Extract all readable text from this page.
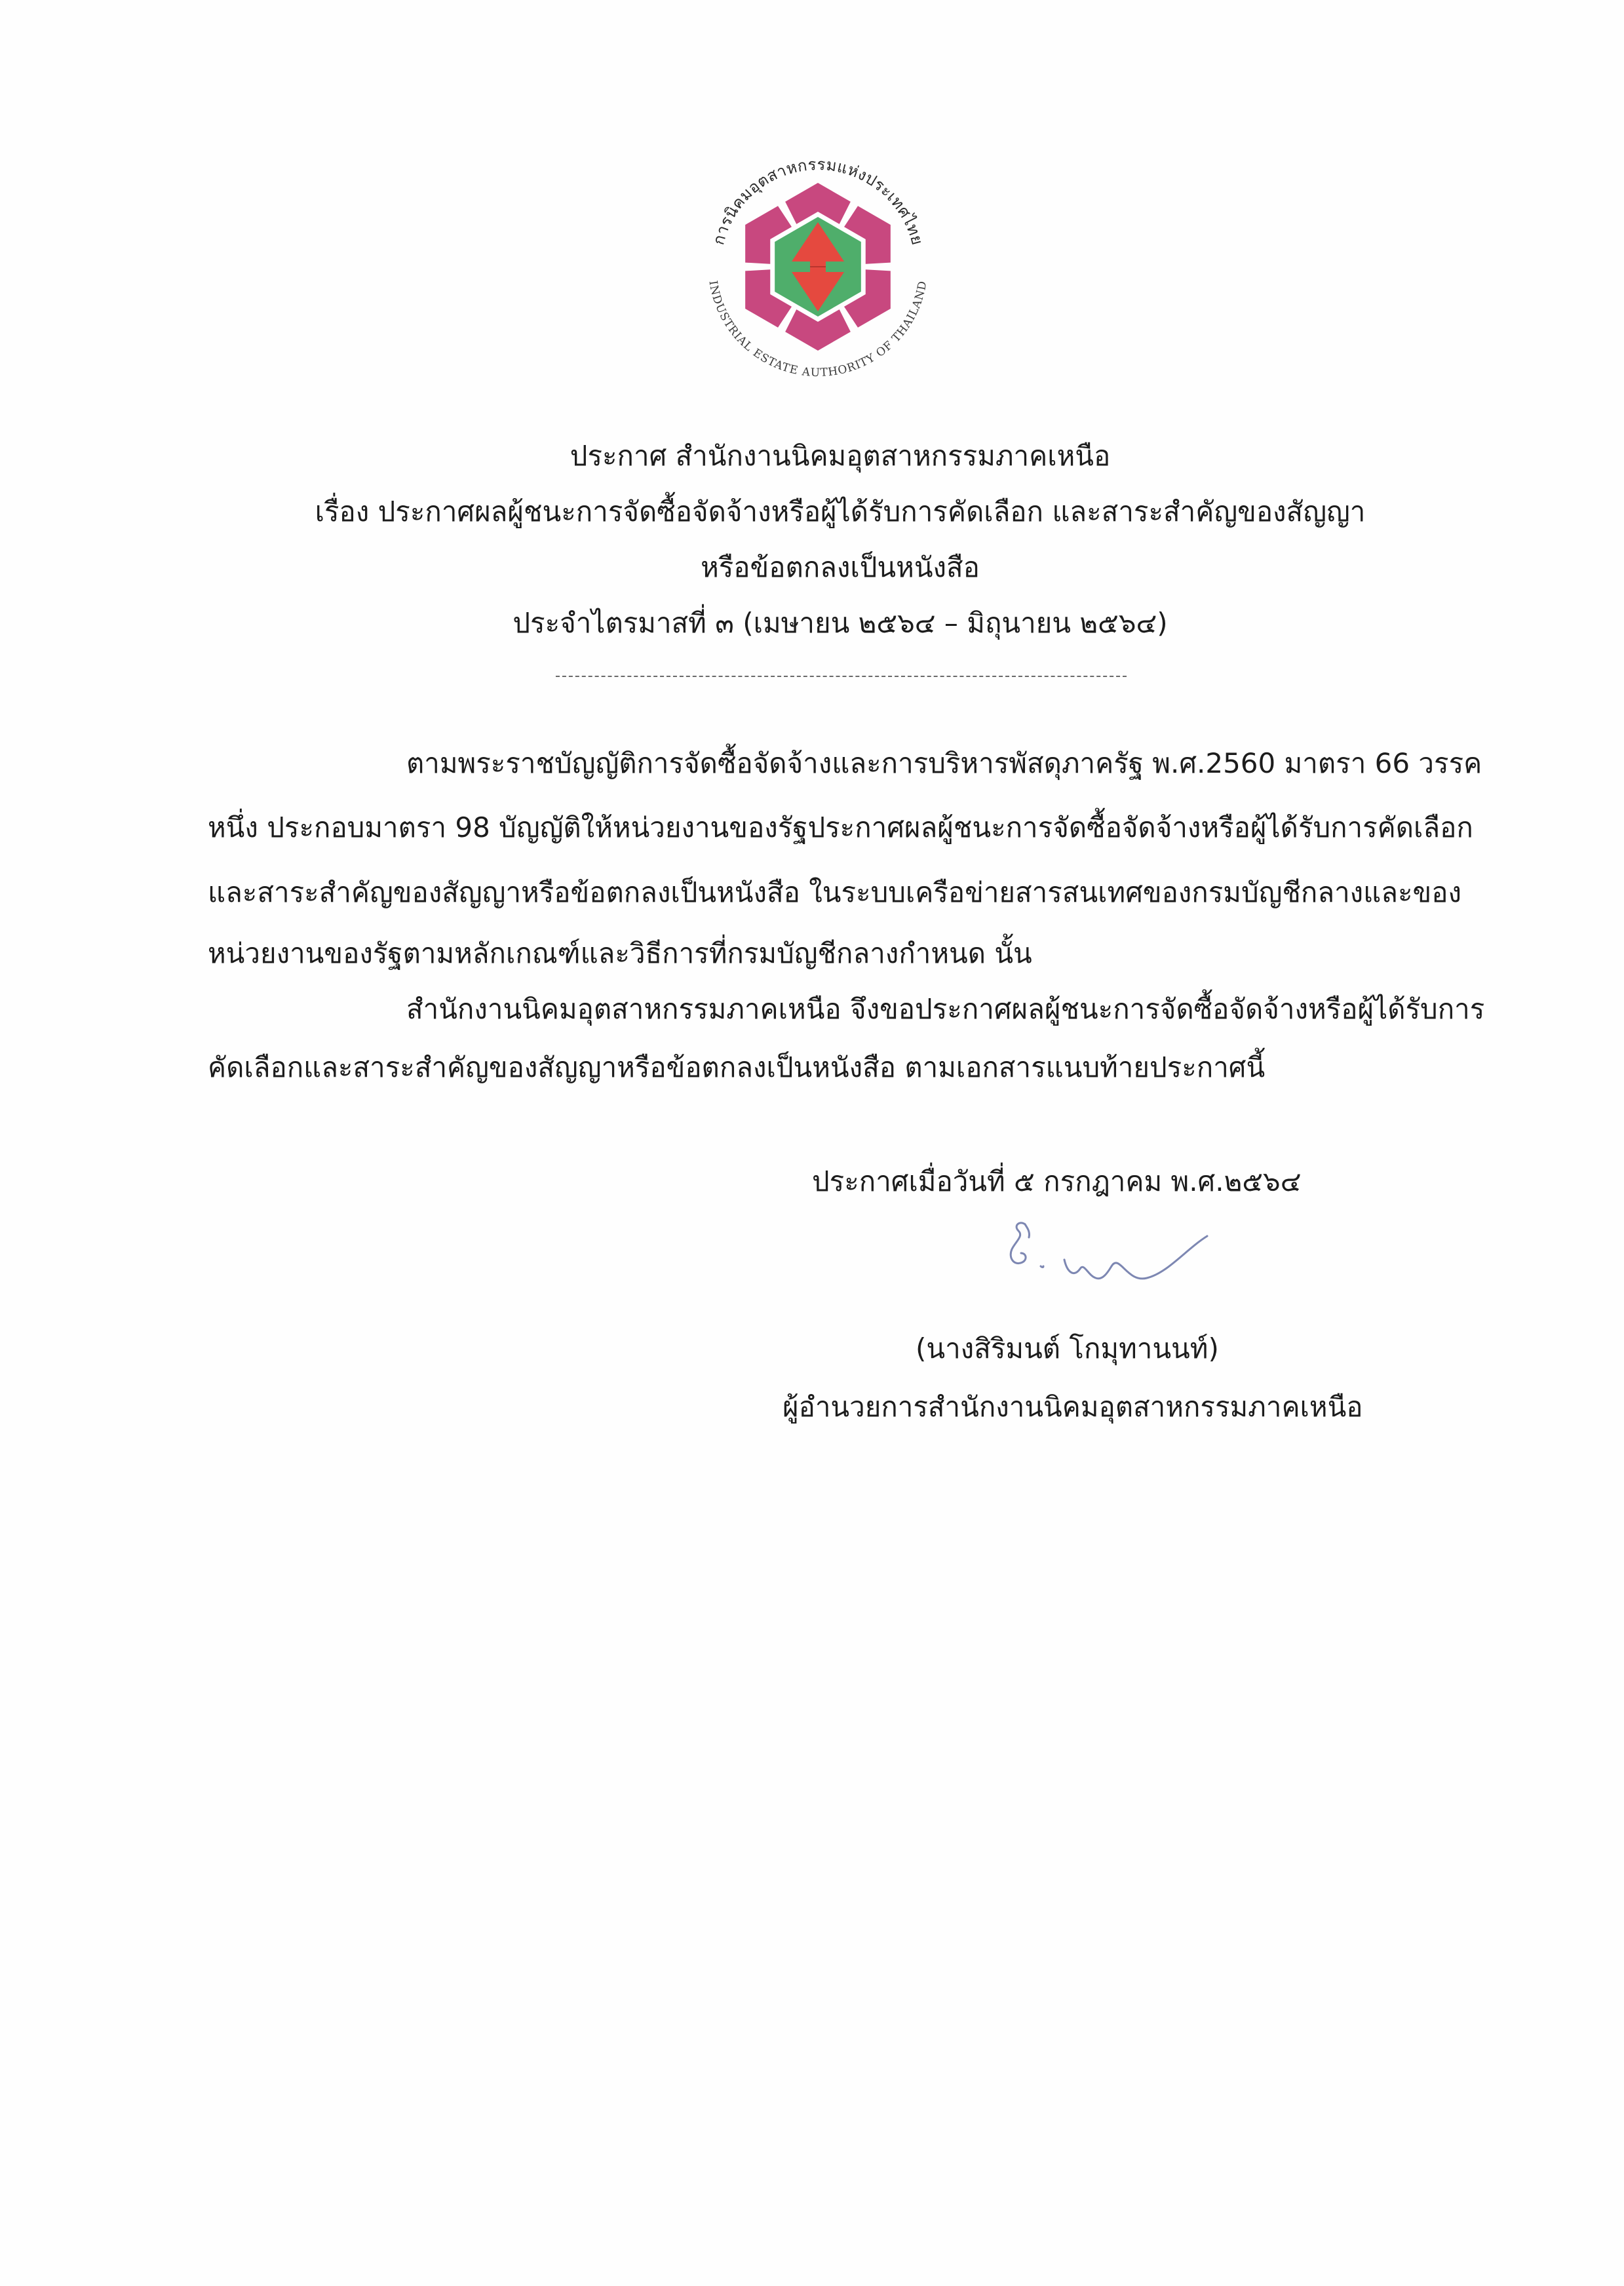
การนิคมอุตสาหกรรมแห่งประเทศไทย
INDUSTRIAL ESTATE AUTHORITY OF THAILAND
ประกาศ สำนักงานนิคมอุตสาหกรรมภาคเหนือ
เรื่อง ประกาศผลผู้ชนะการจัดซื้อจัดจ้างหรือผู้ได้รับการคัดเลือก และสาระสำคัญของสัญญา
หรือข้อตกลงเป็นหนังสือ
ประจำไตรมาสที่ ๓ (เมษายน ๒๕๖๔ – มิถุนายน ๒๕๖๔)
ตามพระราชบัญญัติการจัดซื้อจัดจ้างและการบริหารพัสดุภาครัฐ พ.ศ.2560 มาตรา 66 วรรค
หนึ่ง ประกอบมาตรา 98 บัญญัติให้หน่วยงานของรัฐประกาศผลผู้ชนะการจัดซื้อจัดจ้างหรือผู้ได้รับการคัดเลือก
และสาระสำคัญของสัญญาหรือข้อตกลงเป็นหนังสือ ในระบบเครือข่ายสารสนเทศของกรมบัญชีกลางและของ
หน่วยงานของรัฐตามหลักเกณฑ์และวิธีการที่กรมบัญชีกลางกำหนด นั้น
สำนักงานนิคมอุตสาหกรรมภาคเหนือ จึงขอประกาศผลผู้ชนะการจัดซื้อจัดจ้างหรือผู้ได้รับการ
คัดเลือกและสาระสำคัญของสัญญาหรือข้อตกลงเป็นหนังสือ ตามเอกสารแนบท้ายประกาศนี้
ประกาศเมื่อวันที่ ๕ กรกฎาคม พ.ศ.๒๕๖๔
(นางสิริมนต์ โกมุทานนท์)
ผู้อำนวยการสำนักงานนิคมอุตสาหกรรมภาคเหนือ
